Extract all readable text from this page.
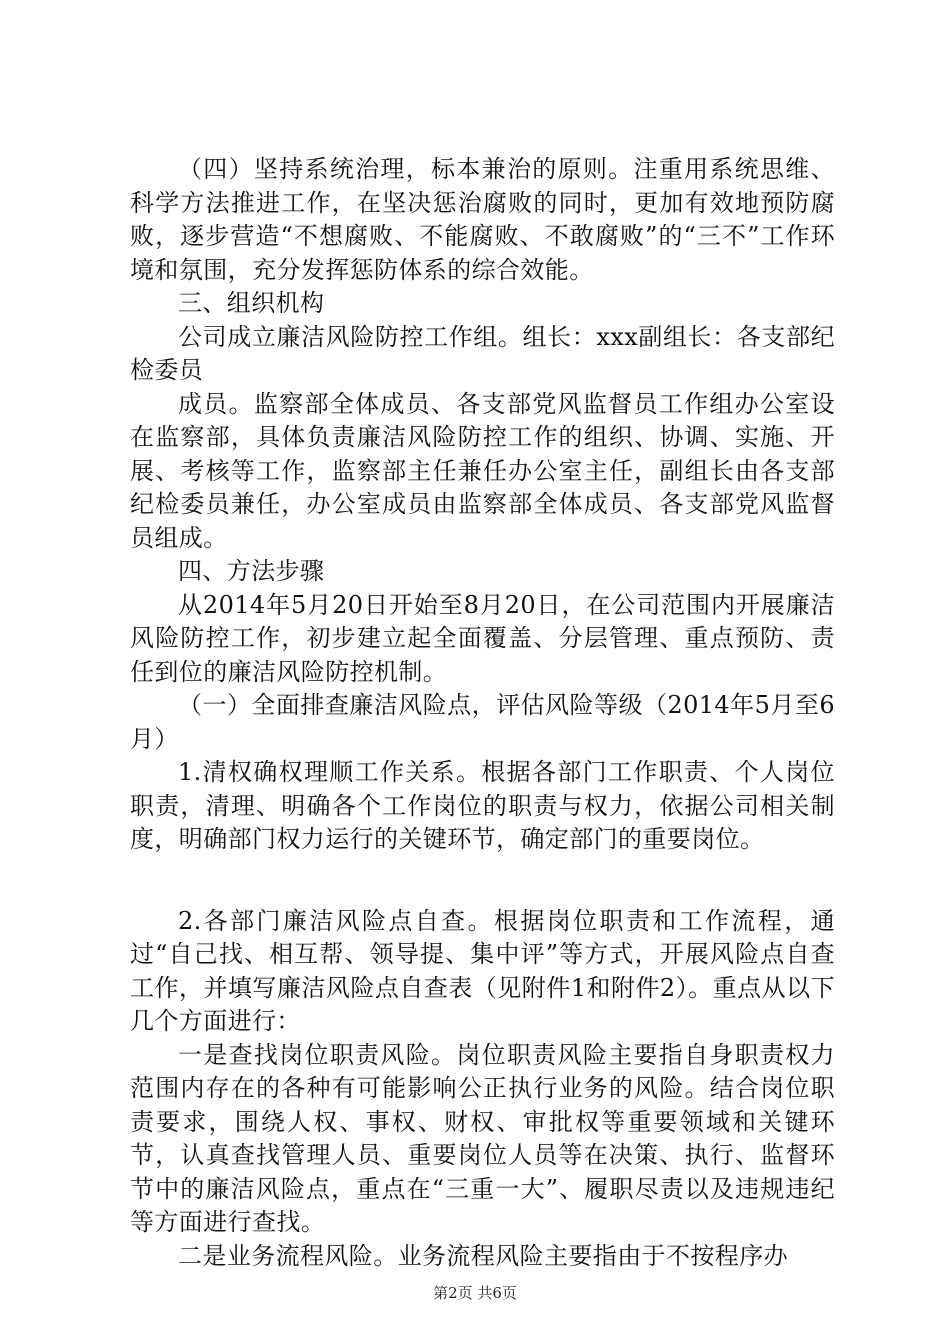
（四）坚持系统治理，标本兼治的原则。注重用系统思维、科学方法推进工作，在坚决惩治腐败的同时，更加有效地预防腐败，逐步营造“不想腐败、不能腐败、不敢腐败”的“三不”工作环境和氛围，充分发挥惩防体系的综合效能。

三、组织机构

公司成立廉洁风险防控工作组。组长：xxx副组长：各支部纪检委员

成员。监察部全体成员、各支部党风监督员工作组办公室设在监察部，具体负责廉洁风险防控工作的组织、协调、实施、开展、考核等工作，监察部主任兼任办公室主任，副组长由各支部纪检委员兼任，办公室成员由监察部全体成员、各支部党风监督员组成。

四、方法步骤

从2014年5月20日开始至8月20日，在公司范围内开展廉洁风险防控工作，初步建立起全面覆盖、分层管理、重点预防、责任到位的廉洁风险防控机制。

（一）全面排查廉洁风险点，评估风险等级（2014年5月至6月）

1.清权确权理顺工作关系。根据各部门工作职责、个人岗位职责，清理、明确各个工作岗位的职责与权力，依据公司相关制度，明确部门权力运行的关键环节，确定部门的重要岗位。

2.各部门廉洁风险点自查。根据岗位职责和工作流程，通过“自己找、相互帮、领导提、集中评”等方式，开展风险点自查工作，并填写廉洁风险点自查表（见附件1和附件2）。重点从以下几个方面进行：

一是查找岗位职责风险。岗位职责风险主要指自身职责权力范围内存在的各种有可能影响公正执行业务的风险。结合岗位职责要求，围绕人权、事权、财权、审批权等重要领域和关键环节，认真查找管理人员、重要岗位人员等在决策、执行、监督环节中的廉洁风险点，重点在“三重一大”、履职尽责以及违规违纪等方面进行查找。

二是业务流程风险。业务流程风险主要指由于不按程序办

第2页 共6页
